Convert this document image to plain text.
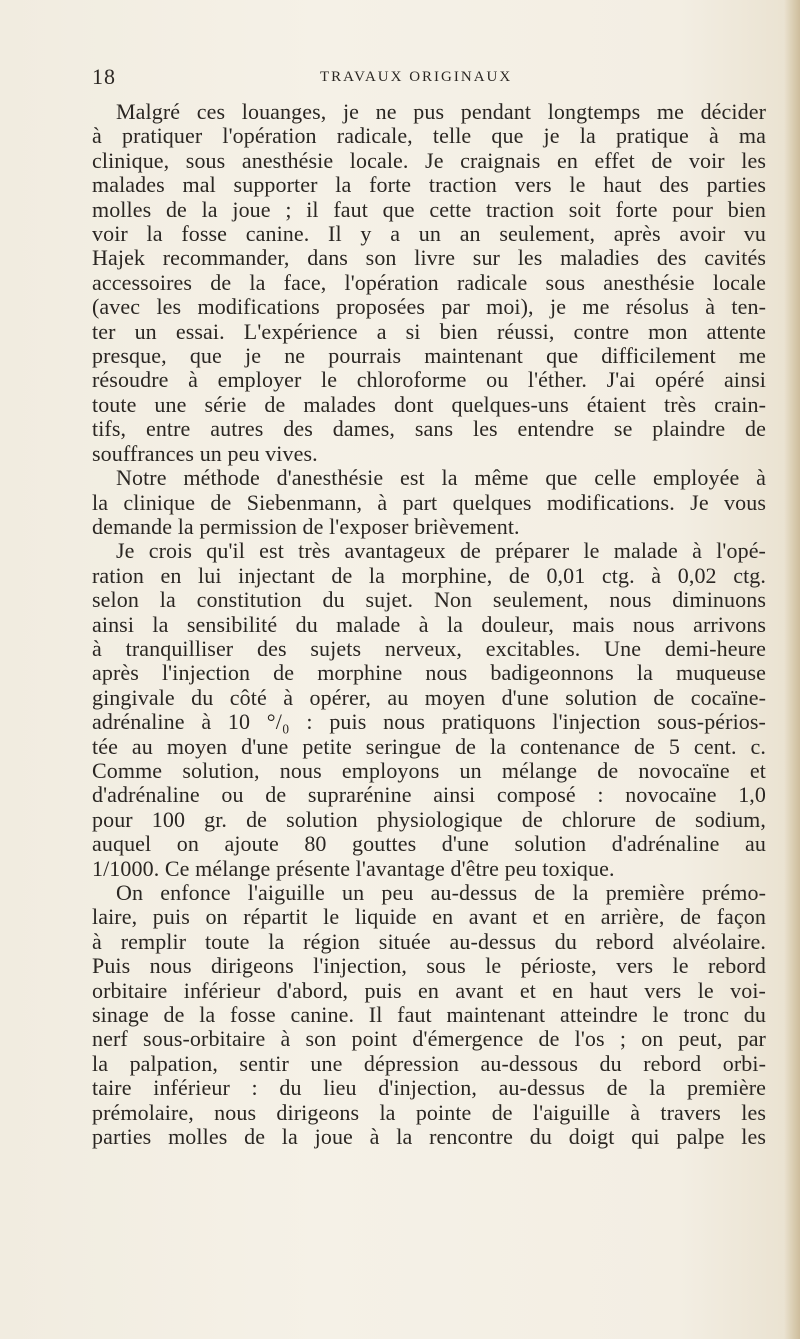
18	TRAVAUX ORIGINAUX
Malgré ces louanges, je ne pus pendant longtemps me décider
à pratiquer l'opération radicale, telle que je la pratique à ma
clinique, sous anesthésie locale. Je craignais en effet de voir les
malades mal supporter la forte traction vers le haut des parties
molles de la joue ; il faut que cette traction soit forte pour bien
voir la fosse canine. Il y a un an seulement, après avoir vu
Hajek recommander, dans son livre sur les maladies des cavités
accessoires de la face, l'opération radicale sous anesthésie locale
(avec les modifications proposées par moi), je me résolus à ten-
ter un essai. L'expérience a si bien réussi, contre mon attente
presque, que je ne pourrais maintenant que difficilement me
résoudre à employer le chloroforme ou l'éther. J'ai opéré ainsi
toute une série de malades dont quelques-uns étaient très crain-
tifs, entre autres des dames, sans les entendre se plaindre de
souffrances un peu vives.
Notre méthode d'anesthésie est la même que celle employée à
la clinique de Siebenmann, à part quelques modifications. Je vous
demande la permission de l'exposer brièvement.
Je crois qu'il est très avantageux de préparer le malade à l'opé-
ration en lui injectant de la morphine, de 0,01 ctg. à 0,02 ctg.
selon la constitution du sujet. Non seulement, nous diminuons
ainsi la sensibilité du malade à la douleur, mais nous arrivons
à tranquilliser des sujets nerveux, excitables. Une demi-heure
après l'injection de morphine nous badigeonnons la muqueuse
gingivale du côté à opérer, au moyen d'une solution de cocaïne-
adrénaline à 10 °/₀ : puis nous pratiquons l'injection sous-périos-
tée au moyen d'une petite seringue de la contenance de 5 cent. c.
Comme solution, nous employons un mélange de novocaïne et
d'adrénaline ou de suprarénine ainsi composé : novocaïne 1,0
pour 100 gr. de solution physiologique de chlorure de sodium,
auquel on ajoute 80 gouttes d'une solution d'adrénaline au
1/1000. Ce mélange présente l'avantage d'être peu toxique.
On enfonce l'aiguille un peu au-dessus de la première prémo-
laire, puis on répartit le liquide en avant et en arrière, de façon
à remplir toute la région située au-dessus du rebord alvéolaire.
Puis nous dirigeons l'injection, sous le périoste, vers le rebord
orbitaire inférieur d'abord, puis en avant et en haut vers le voi-
sinage de la fosse canine. Il faut maintenant atteindre le tronc du
nerf sous-orbitaire à son point d'émergence de l'os ; on peut, par
la palpation, sentir une dépression au-dessous du rebord orbi-
taire inférieur : du lieu d'injection, au-dessus de la première
prémolaire, nous dirigeons la pointe de l'aiguille à travers les
parties molles de la joue à la rencontre du doigt qui palpe les
